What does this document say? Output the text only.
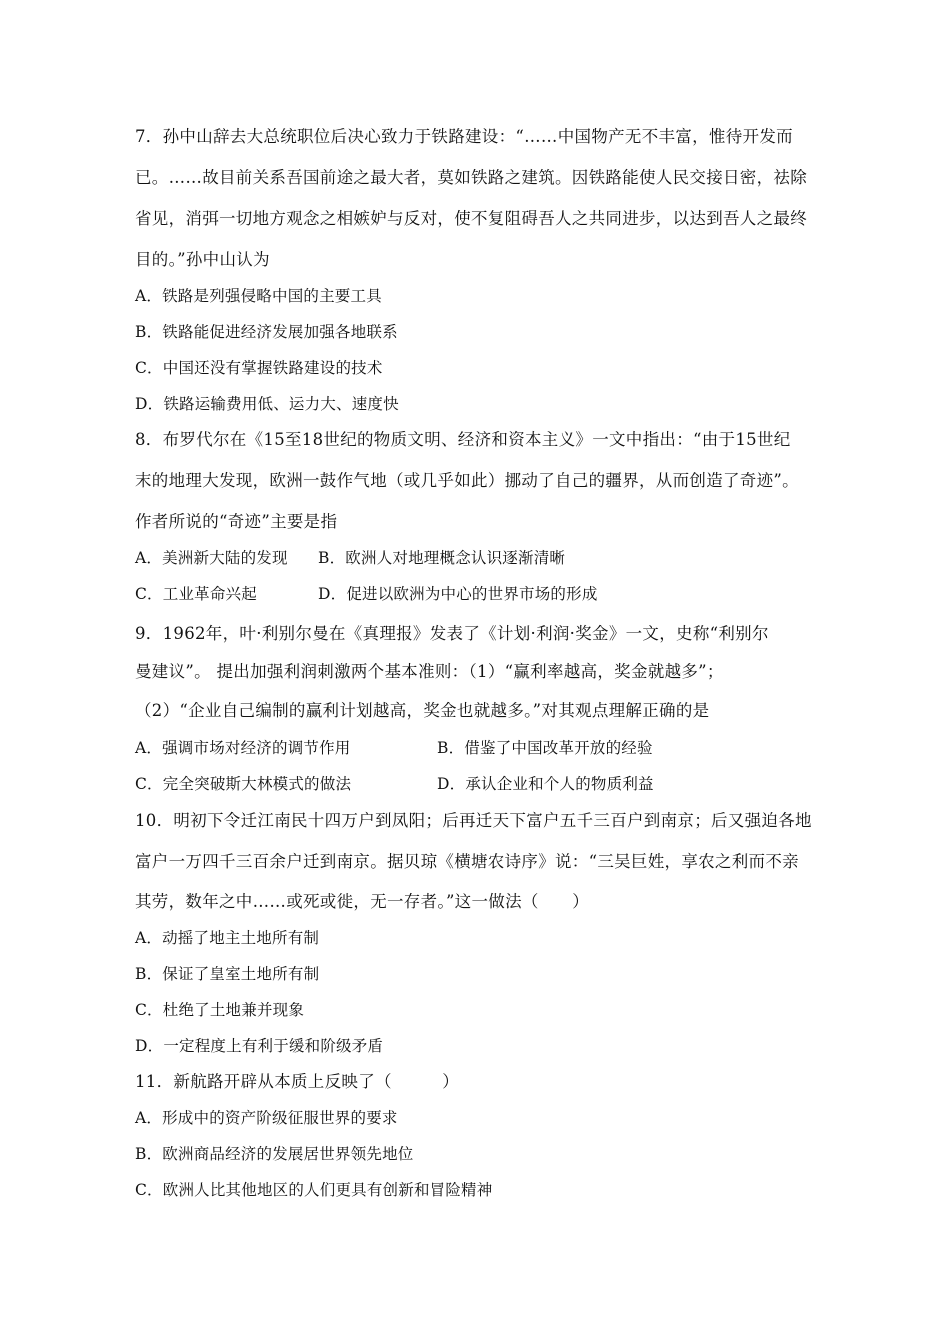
7．孙中山辞去大总统职位后决心致力于铁路建设：“……中国物产无不丰富，惟待开发而
已。……故目前关系吾国前途之最大者，莫如铁路之建筑。因铁路能使人民交接日密，祛除
省见，消弭一切地方观念之相嫉妒与反对，使不复阻碍吾人之共同进步，以达到吾人之最终
目的。”孙中山认为
A．铁路是列强侵略中国的主要工具
B．铁路能促进经济发展加强各地联系
C．中国还没有掌握铁路建设的技术
D．铁路运输费用低、运力大、速度快
8．布罗代尔在《15至18世纪的物质文明、经济和资本主义》一文中指出：“由于15世纪
末的地理大发现，欧洲一鼓作气地（或几乎如此）挪动了自己的疆界，从而创造了奇迹”。
作者所说的“奇迹”主要是指
A．美洲新大陆的发现 B．欧洲人对地理概念认识逐渐清晰
C．工业革命兴起	D．促进以欧洲为中心的世界市场的形成
9．1962年，叶·利别尔曼在《真理报》发表了《计划·利润·奖金》一文，史称“利别尔
曼建议”。 提出加强利润刺激两个基本准则：（1）“赢利率越高，奖金就越多”；
（2）“企业自己编制的赢利计划越高，奖金也就越多。”对其观点理解正确的是
A．强调市场对经济的调节作用	B．借鉴了中国改革开放的经验
C．完全突破斯大林模式的做法	D．承认企业和个人的物质利益
10．明初下令迁江南民十四万户到凤阳；后再迁天下富户五千三百户到南京；后又强迫各地
富户一万四千三百余户迁到南京。据贝琼《横塘农诗序》说：“三吴巨姓，享农之利而不亲
其劳，数年之中……或死或徙，无一存者。”这一做法（　　）
A．动摇了地主土地所有制
B．保证了皇室土地所有制
C．杜绝了土地兼并现象
D．一定程度上有利于缓和阶级矛盾
11．新航路开辟从本质上反映了（　　　）
A．形成中的资产阶级征服世界的要求
B．欧洲商品经济的发展居世界领先地位
C．欧洲人比其他地区的人们更具有创新和冒险精神
